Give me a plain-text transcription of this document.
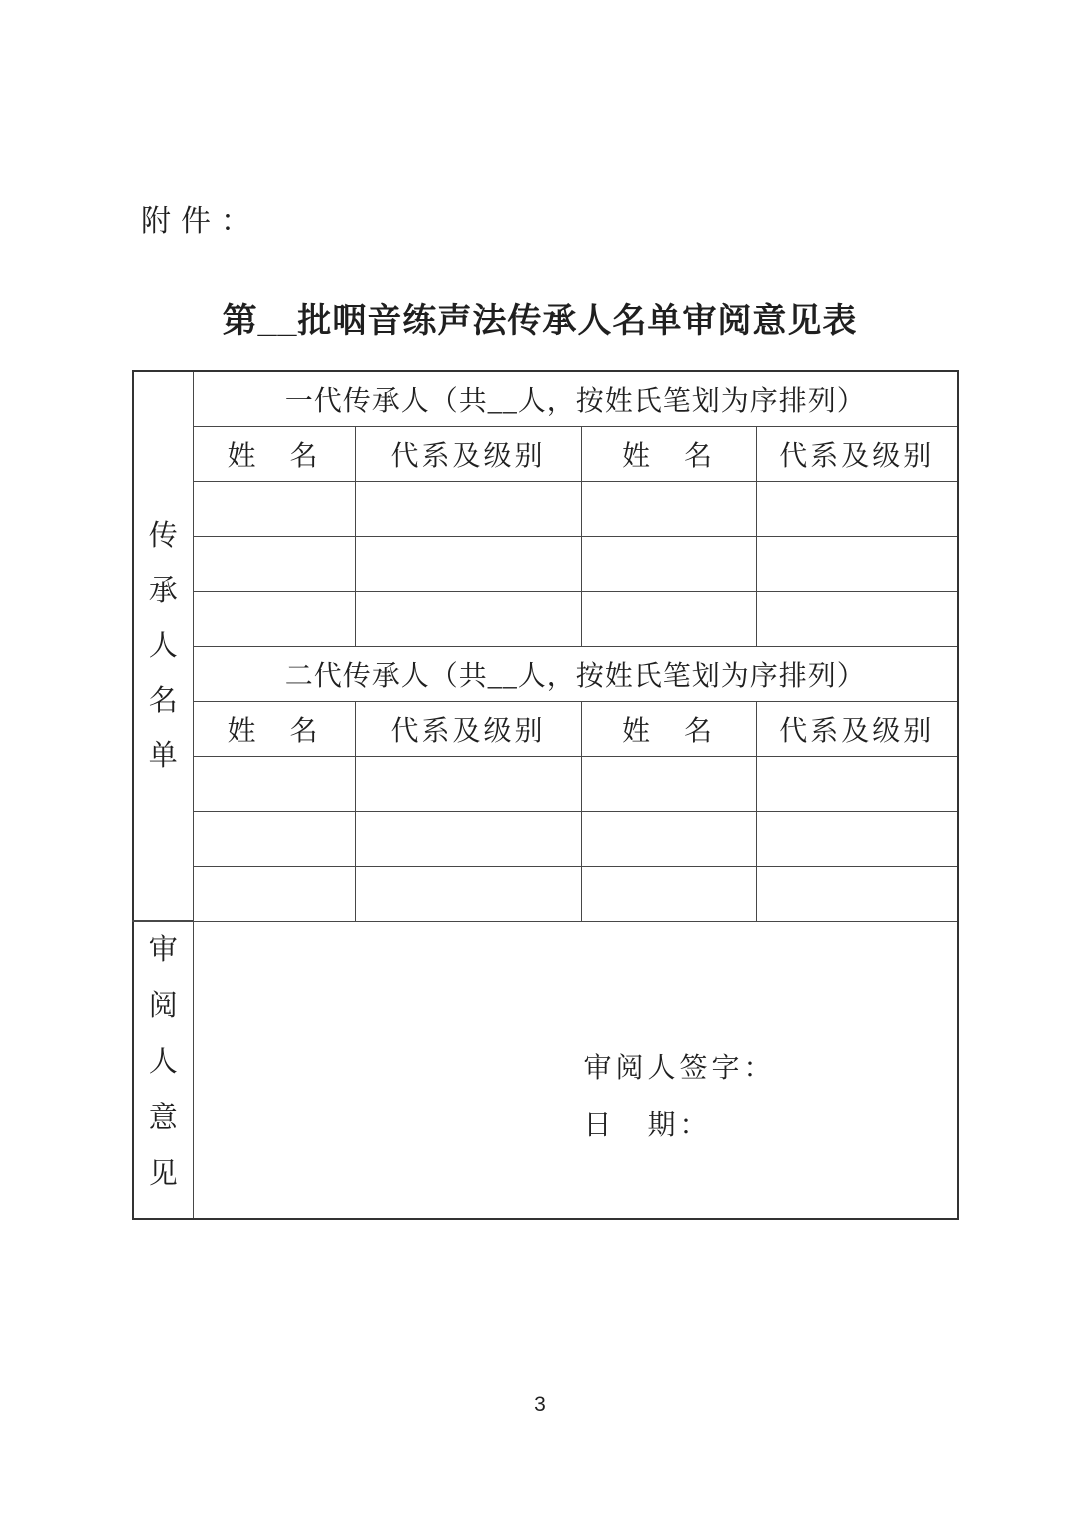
附件：
第__批咽音练声法传承人名单审阅意见表
传
承
人
名
单	一代传承人（共__人，按姓氏笔划为序排列）			
	姓　名	代系及级别	姓　名	代系及级别

	二代传承人（共__人，按姓氏笔划为序排列）			
	姓　名	代系及级别	姓　名	代系及级别

审
阅
人
意
见

审阅人签字：
日　期：
3
